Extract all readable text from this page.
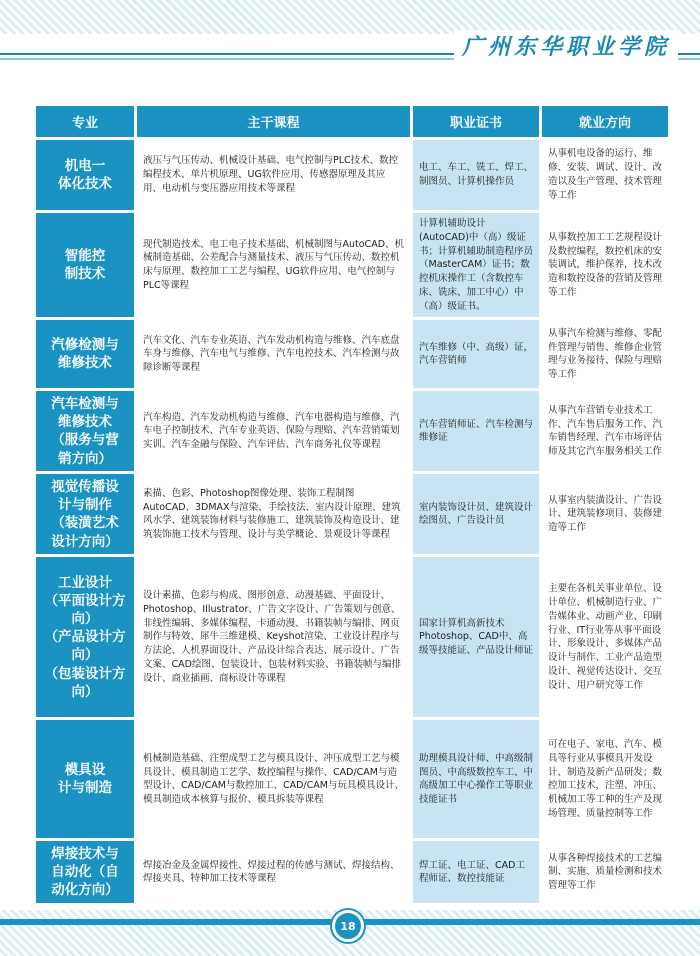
广州东华职业学院
专业	主干课程	职业证书	就业方向
机电一
体化技术	液压与气压传动、机械设计基础、电气控制与PLC技术、数控编程技术、单片机原理、UG软件应用、传感器原理及其应用、电动机与变压器应用技术等课程	电工、车工、铣工、焊工、制图员、计算机操作员	从事机电设备的运行、维修、安装、调试、设计、改造以及生产管理、技术管理等工作
智能控
制技术	现代制造技术、电工电子技术基础、机械制图与AutoCAD、机械制造基础、公差配合与测量技术、液压与气压传动、数控机床与原理、数控加工工艺与编程、UG软件应用、电气控制与PLC等课程	计算机辅助设计(AutoCAD)中（高）级证书；计算机辅助制造程序员（MasterCAM）证书；数控机床操作工（含数控车床、铣床、加工中心）中（高）级证书。	从事数控加工工艺规程设计及数控编程，数控机床的安装调试，维护保养，技术改造和数控设备的营销及管理等工作
汽修检测与
维修技术	汽车文化、汽车专业英语、汽车发动机构造与维修、汽车底盘车身与维修、汽车电气与维修、汽车电控技术、汽车检测与故障诊断等课程	汽车维修（中、高级）证，汽车营销师	从事汽车检测与维修、零配件管理与销售、维修企业管理与业务接待、保险与理赔等工作
汽车检测与
维修技术
（服务与营
销方向）	汽车构造、汽车发动机构造与维修、汽车电器构造与维修、汽车电子控制技术、汽车专业英语、保险与理赔、汽车营销策划实训、汽车金融与保险、汽车评估、汽车商务礼仪等课程	汽车营销师证、汽车检测与维修证	从事汽车营销专业技术工作、汽车售后服务工作、汽车销售经理、汽车市场评估师及其它汽车服务相关工作
视觉传播设
计与制作
（装潢艺术
设计方向）	素描、色彩、Photoshop图像处理、装饰工程制图AutoCAD、3DMAX与渲染、手绘技法、室内设计原理、建筑风水学、建筑装饰材料与装修施工、建筑装饰及构造设计、建筑装饰施工技术与管理、设计与美学概论、景观设计等课程	室内装饰设计员、建筑设计绘图员、广告设计员	从事室内装潢设计、广告设计、建筑装修项目、装修建造等工作
工业设计
（平面设计方向）
（产品设计方向）
（包装设计方向）	设计素描、色彩与构成、图形创意、动漫基础、平面设计、Photoshop、Illustrator、广告文字设计、广告策划与创意、非线性编辑、多媒体编程、卡通动漫、书籍装帧与编排、网页制作与特效、犀牛三维建模、Keyshot渲染、工业设计程序与方法论、人机界面设计、产品设计综合表达、展示设计、广告文案、CAD绘图、包装设计、包装材料实验、书籍装帧与编排设计、商业插画、商标设计等课程	国家计算机高新技术Photoshop、CAD中、高级等技能证、产品设计师证	主要在各机关事业单位、设计单位、机械制造行业、广告媒体业、动画产业、印刷行业、IT行业等从事平面设计、形象设计、多媒体产品设计与制作、工业产品造型设计、视觉传达设计、交互设计、用户研究等工作
模具设
计与制造	机械制造基础、注塑成型工艺与模具设计、冲压成型工艺与模具设计、模具制造工艺学、数控编程与操作、CAD/CAM与造型设计、CAD/CAM与数控加工、CAD/CAM与玩具模具设计、模具制造成本核算与报价、模具拆装等课程	助理模具设计师、中高级制图员、中高级数控车工、中高级加工中心操作工等职业技能证书	可在电子、家电、汽车、模具等行业从事模具开发设计、制造及新产品研发；数控加工技术，注塑、冲压、机械加工等工种的生产及现场管理、质量控制等工作
焊接技术与
自动化（自
动化方向）	焊接冶金及金属焊接性、焊接过程的传感与测试、焊接结构、焊接夹具、特种加工技术等课程	焊工证、电工证、CAD工程师证、数控技能证	从事各种焊接技术的工艺编制、实施、质量检测和技术管理等工作
18
